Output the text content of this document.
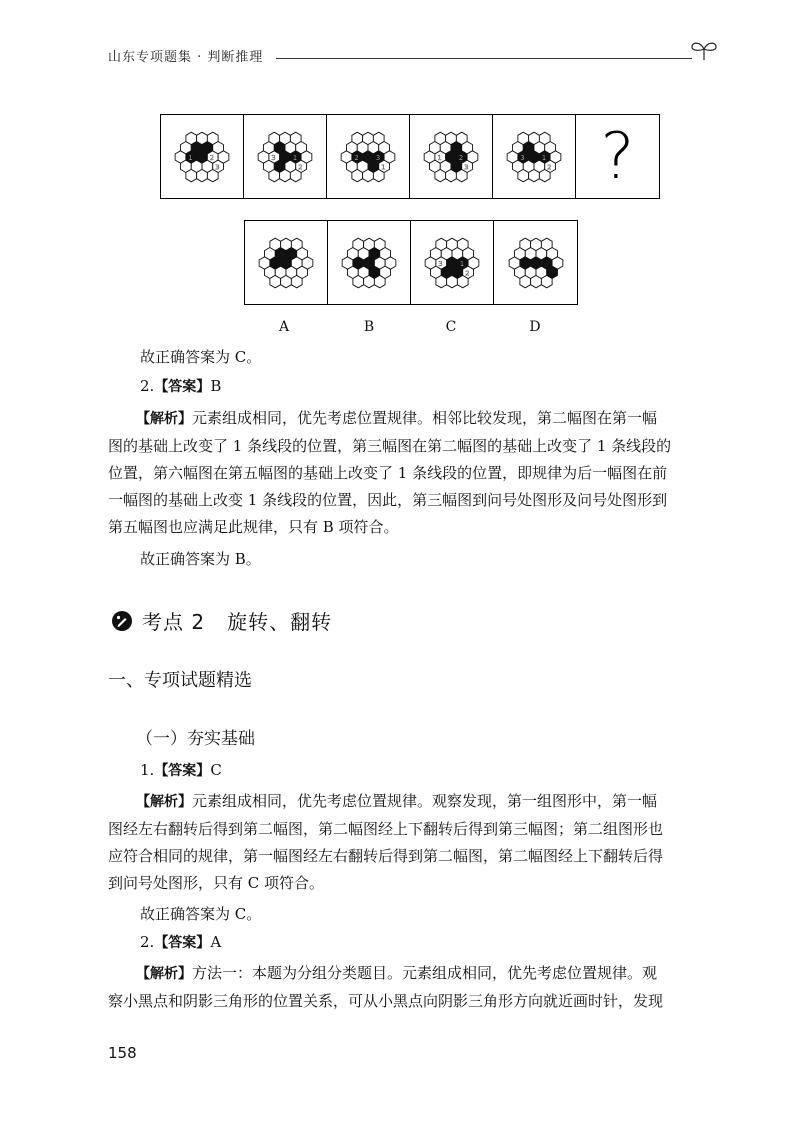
山东专项题集 · 判断推理
1 2
3
1
2
3
1
2 3	1 2
3
1
2
3 ?
1
2
3
A	B	C	D
故正确答案为 C。
2.【答案】B
【解析】元素组成相同，优先考虑位置规律。相邻比较发现，第二幅图在第一幅
图的基础上改变了 1 条线段的位置，第三幅图在第二幅图的基础上改变了 1 条线段的
位置，第六幅图在第五幅图的基础上改变了 1 条线段的位置，即规律为后一幅图在前
一幅图的基础上改变 1 条线段的位置，因此，第三幅图到问号处图形及问号处图形到
第五幅图也应满足此规律，只有 B 项符合。
故正确答案为 B。
考点 2   旋转、翻转
一、专项试题精选
（一）夯实基础
1.【答案】C
【解析】元素组成相同，优先考虑位置规律。观察发现，第一组图形中，第一幅
图经左右翻转后得到第二幅图，第二幅图经上下翻转后得到第三幅图；第二组图形也
应符合相同的规律，第一幅图经左右翻转后得到第二幅图，第二幅图经上下翻转后得
到问号处图形，只有 C 项符合。
故正确答案为 C。
2.【答案】A
【解析】方法一：本题为分组分类题目。元素组成相同，优先考虑位置规律。观
察小黑点和阴影三角形的位置关系，可从小黑点向阴影三角形方向就近画时针，发现
158
